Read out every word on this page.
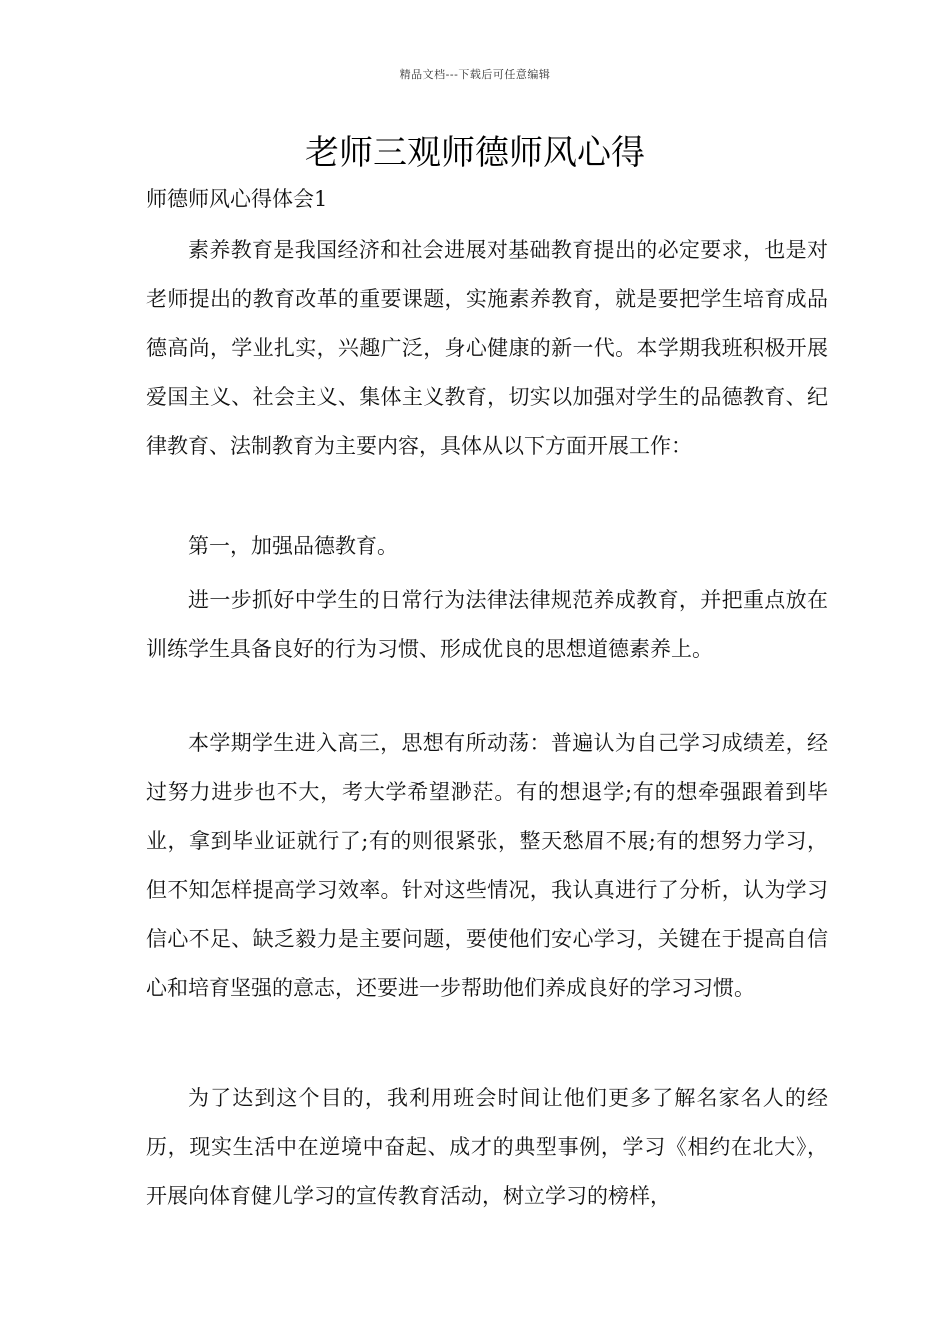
精品文档---下载后可任意编辑
老师三观师德师风心得

师德师风心得体会1

素养教育是我国经济和社会进展对基础教育提出的必定要求，也是对老师提出的教育改革的重要课题，实施素养教育，就是要把学生培育成品德高尚，学业扎实，兴趣广泛，身心健康的新一代。本学期我班积极开展爱国主义、社会主义、集体主义教育，切实以加强对学生的品德教育、纪律教育、法制教育为主要内容，具体从以下方面开展工作：

第一，加强品德教育。

进一步抓好中学生的日常行为法律法律规范养成教育，并把重点放在训练学生具备良好的行为习惯、形成优良的思想道德素养上。

本学期学生进入高三，思想有所动荡：普遍认为自己学习成绩差，经过努力进步也不大，考大学希望渺茫。有的想退学;有的想牵强跟着到毕业，拿到毕业证就行了;有的则很紧张，整天愁眉不展;有的想努力学习，但不知怎样提高学习效率。针对这些情况，我认真进行了分析，认为学习信心不足、缺乏毅力是主要问题，要使他们安心学习，关键在于提高自信心和培育坚强的意志，还要进一步帮助他们养成良好的学习习惯。

为了达到这个目的，我利用班会时间让他们更多了解名家名人的经历，现实生活中在逆境中奋起、成才的典型事例，学习《相约在北大》，开展向体育健儿学习的宣传教育活动，树立学习的榜样，
